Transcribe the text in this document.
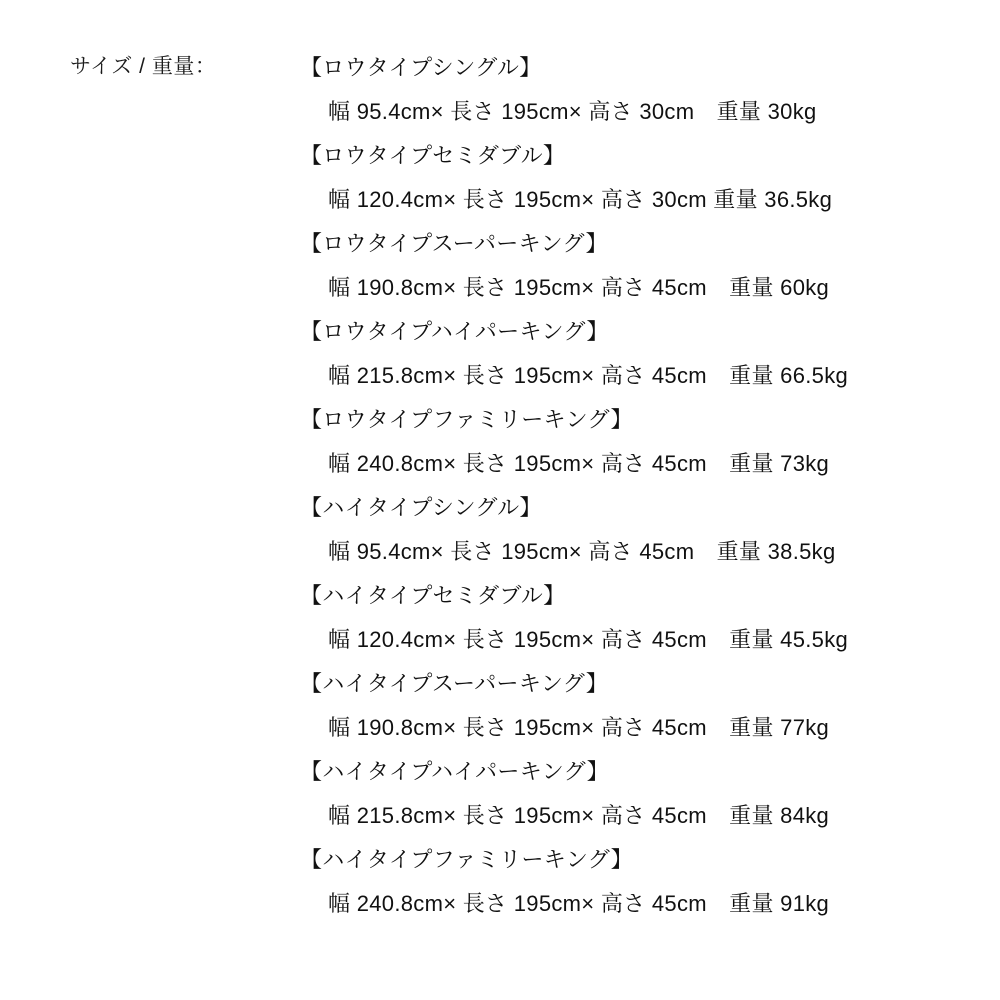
サイズ / 重量：	【ロウタイプシングル】
幅 95.4cm× 長さ 195cm× 高さ 30cm　重量 30kg
【ロウタイプセミダブル】
幅 120.4cm× 長さ 195cm× 高さ 30cm 重量 36.5kg
【ロウタイプスーパーキング】
幅 190.8cm× 長さ 195cm× 高さ 45cm　重量 60kg
【ロウタイプハイパーキング】
幅 215.8cm× 長さ 195cm× 高さ 45cm　重量 66.5kg
【ロウタイプファミリーキング】
幅 240.8cm× 長さ 195cm× 高さ 45cm　重量 73kg
【ハイタイプシングル】
幅 95.4cm× 長さ 195cm× 高さ 45cm　重量 38.5kg
【ハイタイプセミダブル】
幅 120.4cm× 長さ 195cm× 高さ 45cm　重量 45.5kg
【ハイタイプスーパーキング】
幅 190.8cm× 長さ 195cm× 高さ 45cm　重量 77kg
【ハイタイプハイパーキング】
幅 215.8cm× 長さ 195cm× 高さ 45cm　重量 84kg
【ハイタイプファミリーキング】
幅 240.8cm× 長さ 195cm× 高さ 45cm　重量 91kg
